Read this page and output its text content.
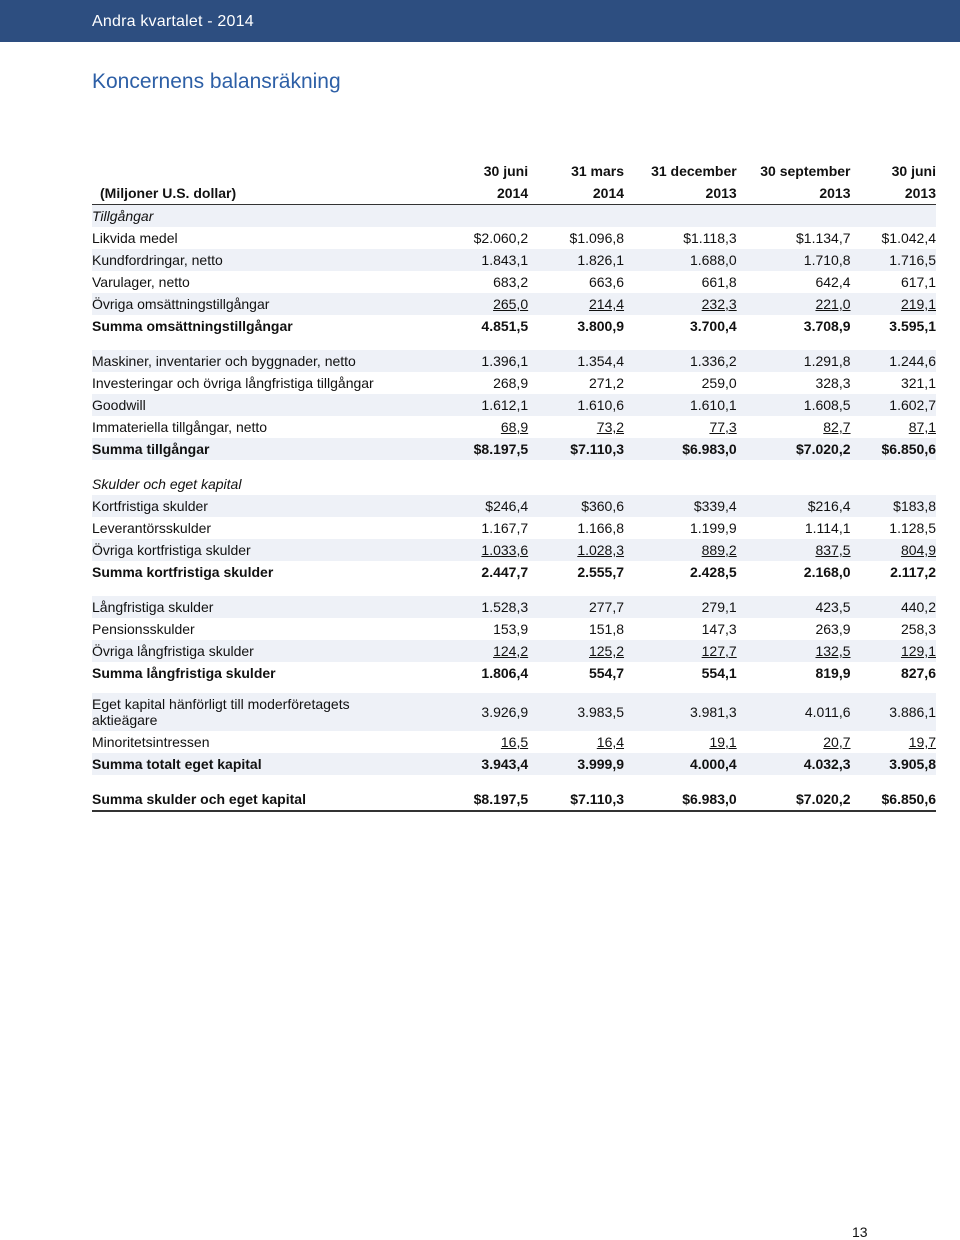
Andra kvartalet - 2014
Koncernens balansräkning
	30 juni	31 mars	31 december	30 september	30 juni
(Miljoner U.S. dollar)	2014	2014	2013	2013	2013
Tillgångar					
Likvida medel	$2.060,2	$1.096,8	$1.118,3	$1.134,7	$1.042,4
Kundfordringar, netto	1.843,1	1.826,1	1.688,0	1.710,8	1.716,5
Varulager, netto	683,2	663,6	661,8	642,4	617,1
Övriga omsättningstillgångar	265,0	214,4	232,3	221,0	219,1
Summa omsättningstillgångar	4.851,5	3.800,9	3.700,4	3.708,9	3.595,1

Maskiner, inventarier och byggnader, netto	1.396,1	1.354,4	1.336,2	1.291,8	1.244,6
Investeringar och övriga långfristiga tillgångar	268,9	271,2	259,0	328,3	321,1
Goodwill	1.612,1	1.610,6	1.610,1	1.608,5	1.602,7
Immateriella tillgångar, netto	68,9	73,2	77,3	82,7	87,1
Summa tillgångar	$8.197,5	$7.110,3	$6.983,0	$7.020,2	$6.850,6

Skulder och eget kapital					
Kortfristiga skulder	$246,4	$360,6	$339,4	$216,4	$183,8
Leverantörsskulder	1.167,7	1.166,8	1.199,9	1.114,1	1.128,5
Övriga kortfristiga skulder	1.033,6	1.028,3	889,2	837,5	804,9
Summa kortfristiga skulder	2.447,7	2.555,7	2.428,5	2.168,0	2.117,2

Långfristiga skulder	1.528,3	277,7	279,1	423,5	440,2
Pensionsskulder	153,9	151,8	147,3	263,9	258,3
Övriga långfristiga skulder	124,2	125,2	127,7	132,5	129,1
Summa långfristiga skulder	1.806,4	554,7	554,1	819,9	827,6

Eget kapital hänförligt till moderföretagets
aktieägare	3.926,9	3.983,5	3.981,3	4.011,6	3.886,1
Minoritetsintressen	16,5	16,4	19,1	20,7	19,7
Summa totalt eget kapital	3.943,4	3.999,9	4.000,4	4.032,3	3.905,8

Summa skulder och eget kapital	$8.197,5	$7.110,3	$6.983,0	$7.020,2	$6.850,6
13
